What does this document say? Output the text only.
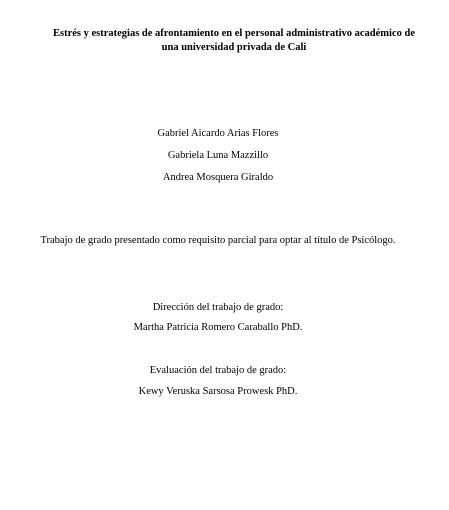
Estrés y estrategias de afrontamiento en el personal administrativo académico de
una universidad privada de Cali
Gabriel Aicardo Arias Flores
Gabriela Luna Mazzillo
Andrea Mosquera Giraldo
Trabajo de grado presentado como requisito parcial para optar al título de Psicólogo.
Dirección del trabajo de grado:
Martha Patricia Romero Caraballo PhD.
Evaluación del trabajo de grado:
Kewy Veruska Sarsosa Prowesk PhD.
